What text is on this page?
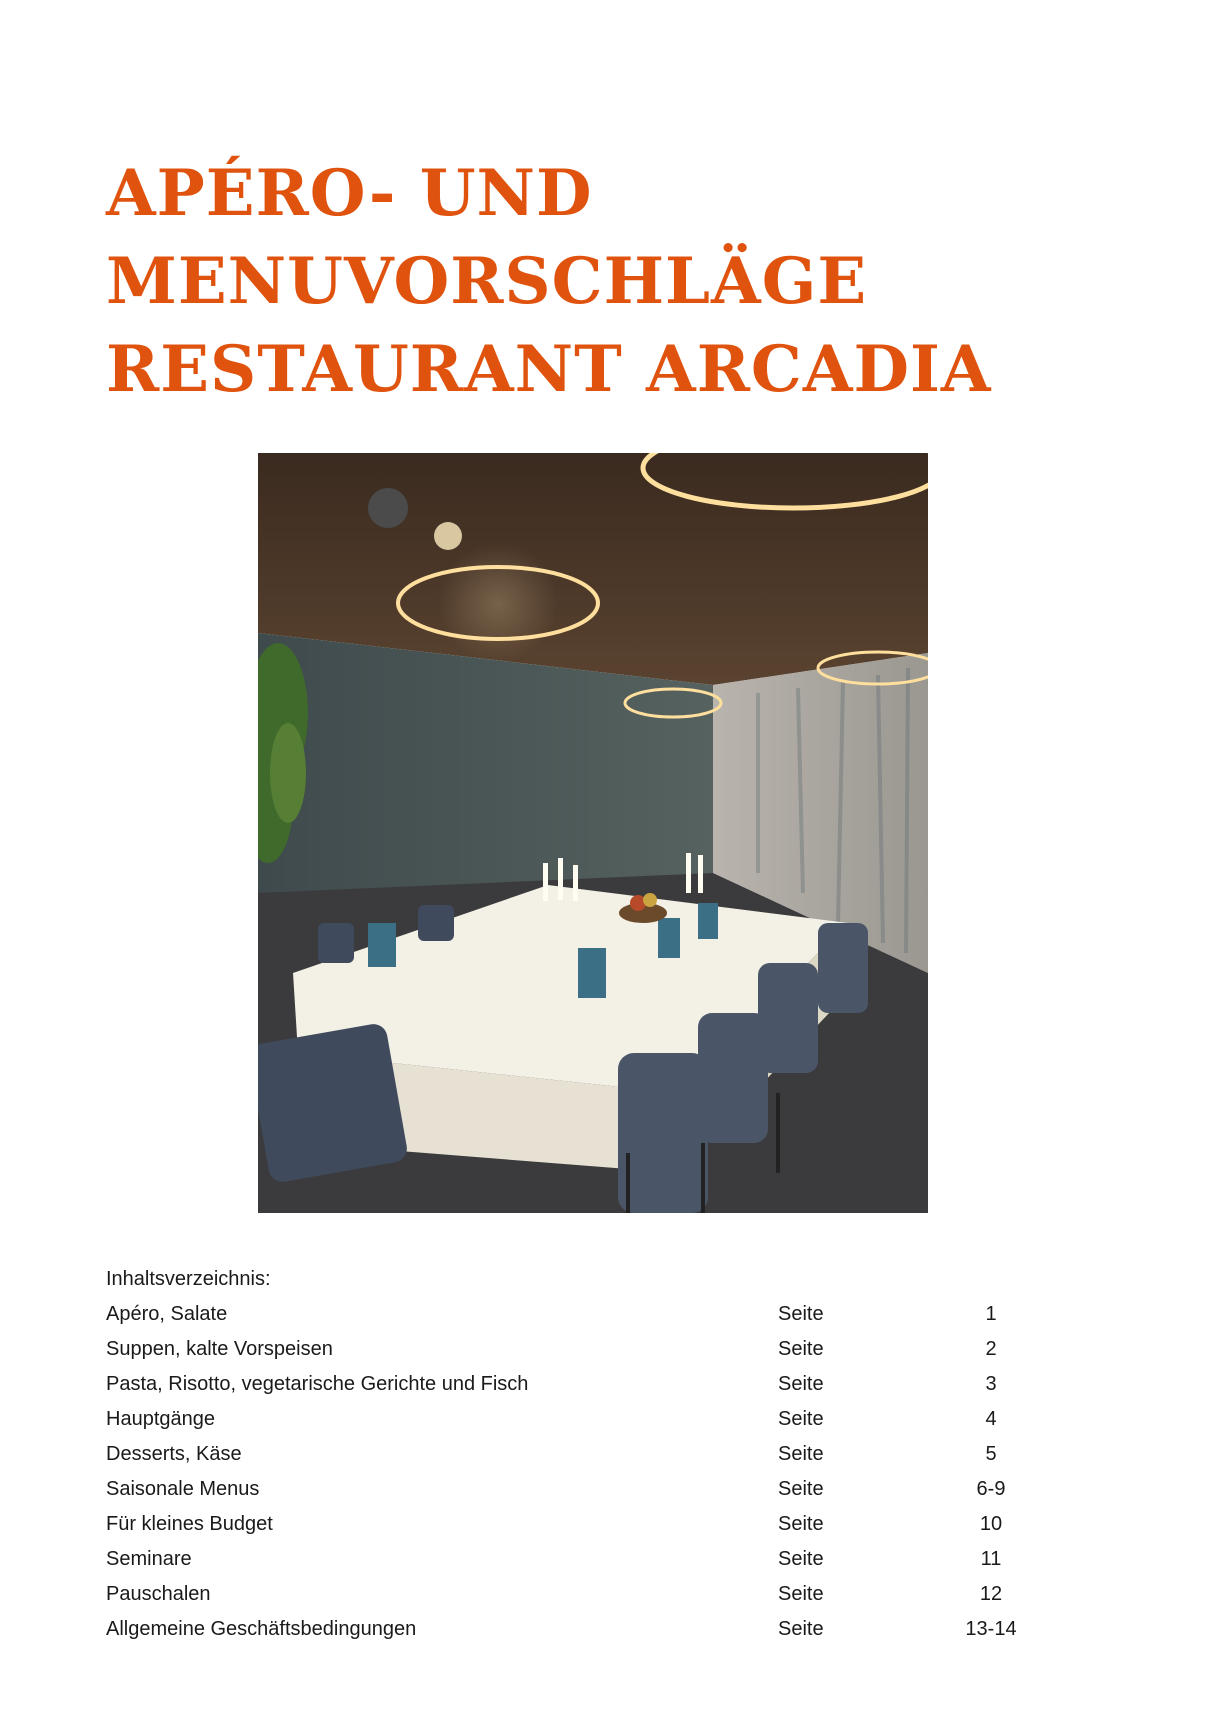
APÉRO- UND
MENUVORSCHLÄGE
RESTAURANT ARCADIA
Inhaltsverzeichnis:
Apéro, Salate	Seite	1
Suppen, kalte Vorspeisen	Seite	2
Pasta, Risotto, vegetarische Gerichte und Fisch	Seite	3
Hauptgänge	Seite	4
Desserts, Käse	Seite	5
Saisonale Menus	Seite	6-9
Für kleines Budget	Seite	10
Seminare	Seite	11
Pauschalen	Seite	12
Allgemeine Geschäftsbedingungen	Seite	13-14
